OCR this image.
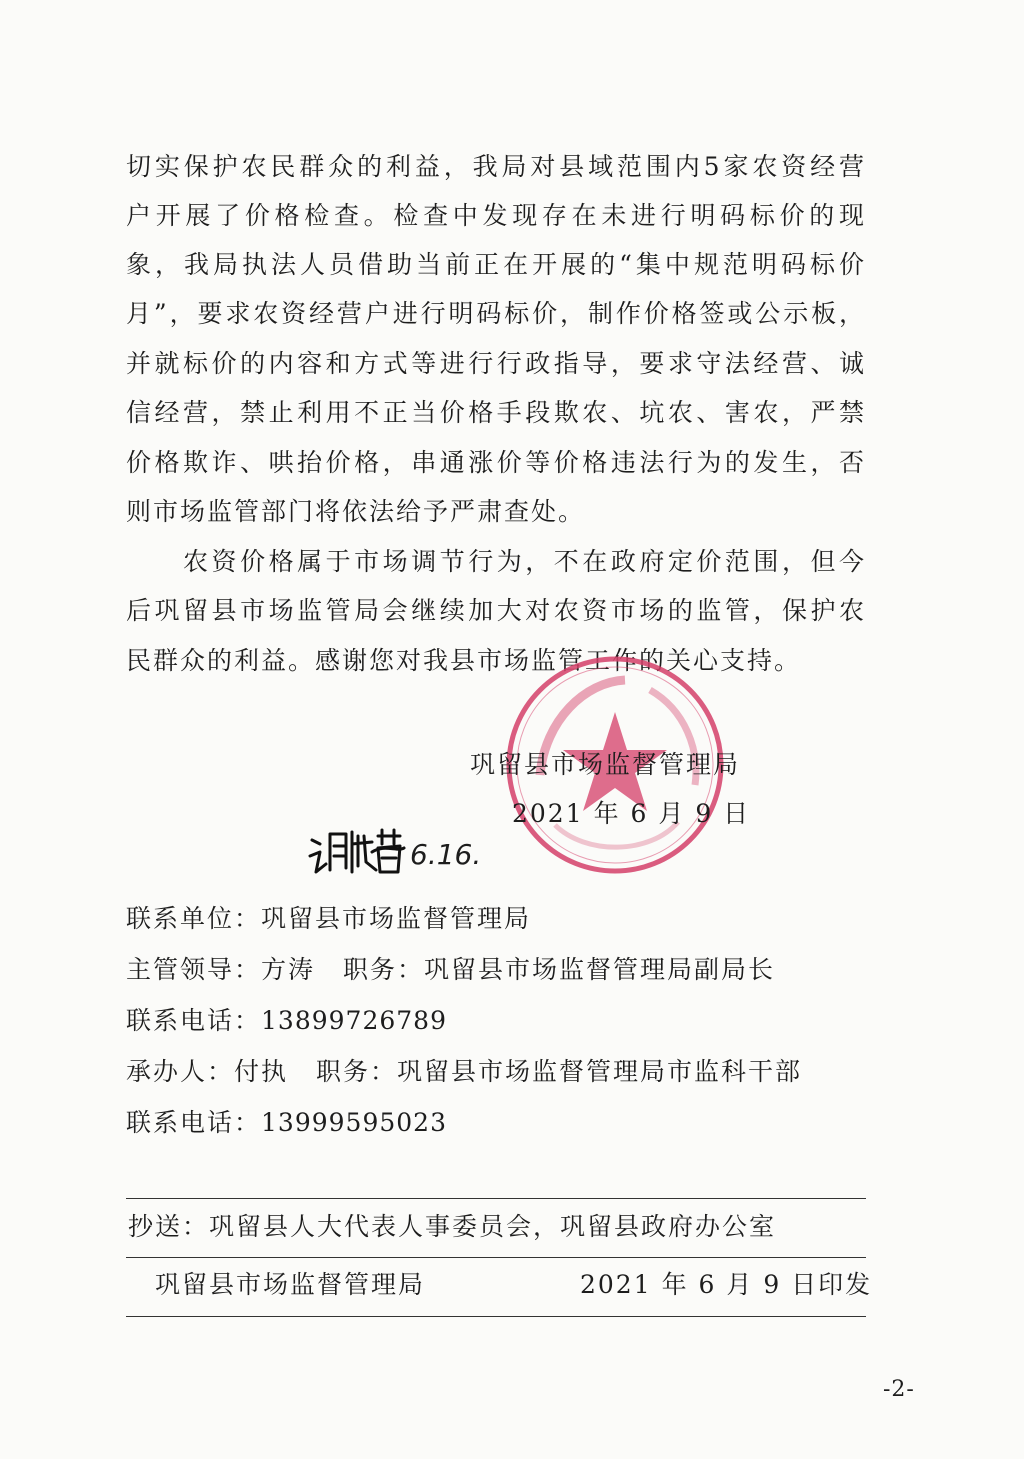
切实保护农民群众的利益，我局对县域范围内5家农资经营
户开展了价格检查。检查中发现存在未进行明码标价的现
象，我局执法人员借助当前正在开展的“集中规范明码标价
月”，要求农资经营户进行明码标价，制作价格签或公示板，
并就标价的内容和方式等进行行政指导，要求守法经营、诚
信经营，禁止利用不正当价格手段欺农、坑农、害农，严禁
价格欺诈、哄抬价格，串通涨价等价格违法行为的发生，否
则市场监管部门将依法给予严肃查处。
　　农资价格属于市场调节行为，不在政府定价范围，但今
后巩留县市场监管局会继续加大对农资市场的监管，保护农
民群众的利益。感谢您对我县市场监管工作的关心支持。
巩留县市场监督管理局
2021 年 6 月 9 日
6.16.
联系单位：巩留县市场监督管理局
主管领导：方涛 职务：巩留县市场监督管理局副局长
联系电话：13899726789
承办人：付执 职务：巩留县市场监督管理局市监科干部
联系电话：13999595023
抄送：巩留县人大代表人事委员会，巩留县政府办公室
巩留县市场监督管理局	2021 年 6 月 9 日印发
-2-
